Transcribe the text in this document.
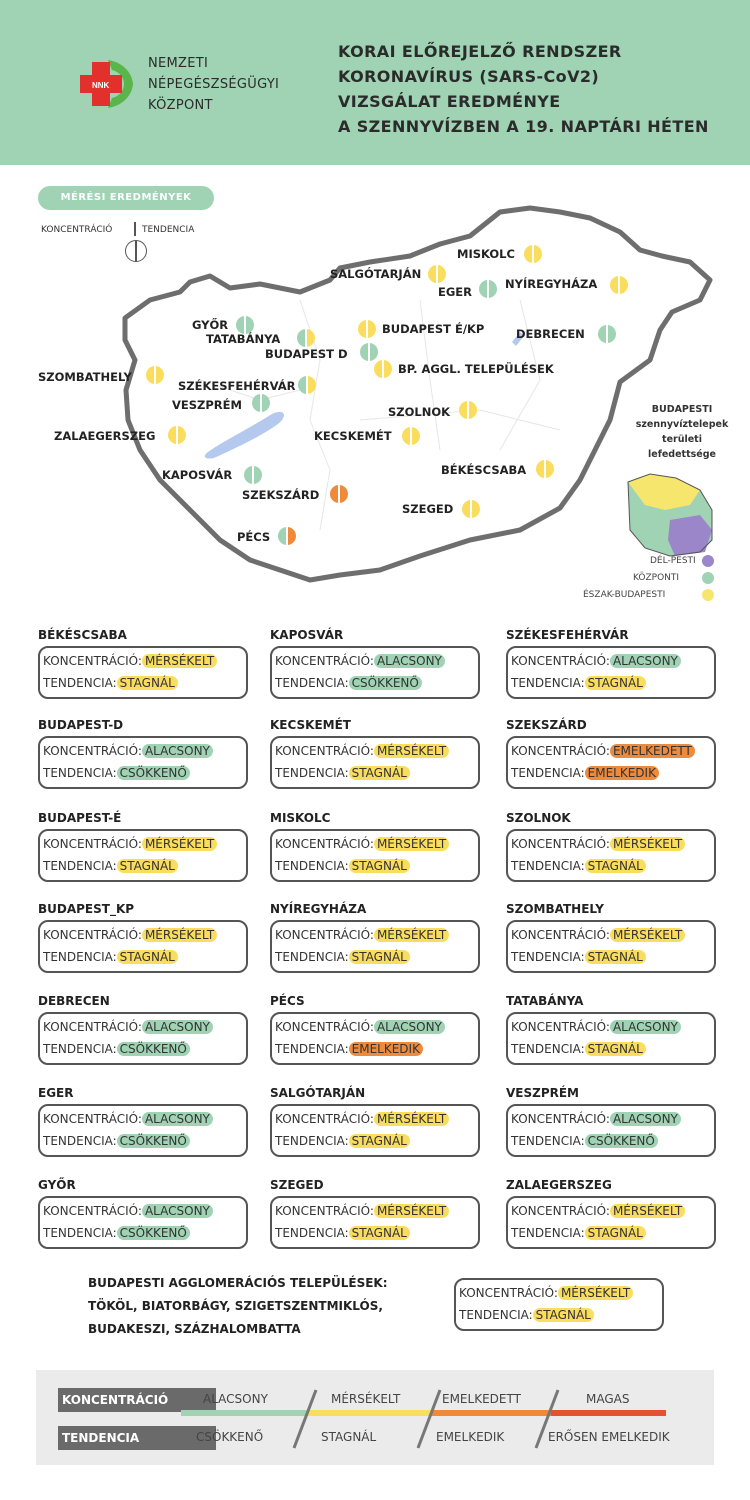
NNK
NEMZETI
NÉPEGÉSZSÉGÜGYI
KÖZPONT
KORAI ELŐREJELZŐ RENDSZER
KORONAVÍRUS (SARS-CoV2)
VIZSGÁLAT EREDMÉNYE
A SZENNYVÍZBEN A 19. NAPTÁRI HÉTEN
MÉRÉSI EREDMÉNYEK
KONCENTRÁCIÓ	TENDENCIA
MISKOLC
SALGÓTARJÁN
EGER
NYÍREGYHÁZA
GYŐR
TATABÁNYA
BUDAPEST É/KP	DEBRECEN
BUDAPEST D
BP. AGGL. TELEPÜLÉSEK
SZOMBATHELY
SZÉKESFEHÉRVÁR
VESZPRÉM	SZOLNOK
ZALAEGERSZEG	KECSKEMÉT
BÉKÉSCSABA
KAPOSVÁR
SZEKSZÁRD
SZEGED
PÉCS
BUDAPESTI
szennyvíztelepek
területi
lefedettsége
DÉL-PESTI
KÖZPONTI
ÉSZAK-BUDAPESTI
BÉKÉSCSABA
KONCENTRÁCIÓ: MÉRSÉKELT
TENDENCIA: STAGNÁL
KAPOSVÁR
KONCENTRÁCIÓ: ALACSONY
TENDENCIA: CSÖKKENŐ
SZÉKESFEHÉRVÁR
KONCENTRÁCIÓ: ALACSONY
TENDENCIA: STAGNÁL
BUDAPEST-D
KONCENTRÁCIÓ: ALACSONY
TENDENCIA: CSÖKKENŐ
KECSKEMÉT
KONCENTRÁCIÓ: MÉRSÉKELT
TENDENCIA: STAGNÁL
SZEKSZÁRD
KONCENTRÁCIÓ: EMELKEDETT
TENDENCIA: EMELKEDIK
BUDAPEST-É
KONCENTRÁCIÓ: MÉRSÉKELT
TENDENCIA: STAGNÁL
MISKOLC
KONCENTRÁCIÓ: MÉRSÉKELT
TENDENCIA: STAGNÁL
SZOLNOK
KONCENTRÁCIÓ: MÉRSÉKELT
TENDENCIA: STAGNÁL
BUDAPEST_KP
KONCENTRÁCIÓ: MÉRSÉKELT
TENDENCIA: STAGNÁL
NYÍREGYHÁZA
KONCENTRÁCIÓ: MÉRSÉKELT
TENDENCIA: STAGNÁL
SZOMBATHELY
KONCENTRÁCIÓ: MÉRSÉKELT
TENDENCIA: STAGNÁL
DEBRECEN
KONCENTRÁCIÓ: ALACSONY
TENDENCIA: CSÖKKENŐ
PÉCS
KONCENTRÁCIÓ: ALACSONY
TENDENCIA: EMELKEDIK
TATABÁNYA
KONCENTRÁCIÓ: ALACSONY
TENDENCIA: STAGNÁL
EGER
KONCENTRÁCIÓ: ALACSONY
TENDENCIA: CSÖKKENŐ
SALGÓTARJÁN
KONCENTRÁCIÓ: MÉRSÉKELT
TENDENCIA: STAGNÁL
VESZPRÉM
KONCENTRÁCIÓ: ALACSONY
TENDENCIA: CSÖKKENŐ
GYŐR
KONCENTRÁCIÓ: ALACSONY
TENDENCIA: CSÖKKENŐ
SZEGED
KONCENTRÁCIÓ: MÉRSÉKELT
TENDENCIA: STAGNÁL
ZALAEGERSZEG
KONCENTRÁCIÓ: MÉRSÉKELT
TENDENCIA: STAGNÁL
BUDAPESTI AGGLOMERÁCIÓS TELEPÜLÉSEK:
TÖKÖL, BIATORBÁGY, SZIGETSZENTMIKLÓS,
BUDAKESZI, SZÁZHALOMBATTA
KONCENTRÁCIÓ: MÉRSÉKELT
TENDENCIA: STAGNÁL
KONCENTRÁCIÓ
TENDENCIA
ALACSONY	MÉRSÉKELT	EMELKEDETT	MAGAS
CSÖKKENŐ	STAGNÁL	EMELKEDIK	ERŐSEN EMELKEDIK
